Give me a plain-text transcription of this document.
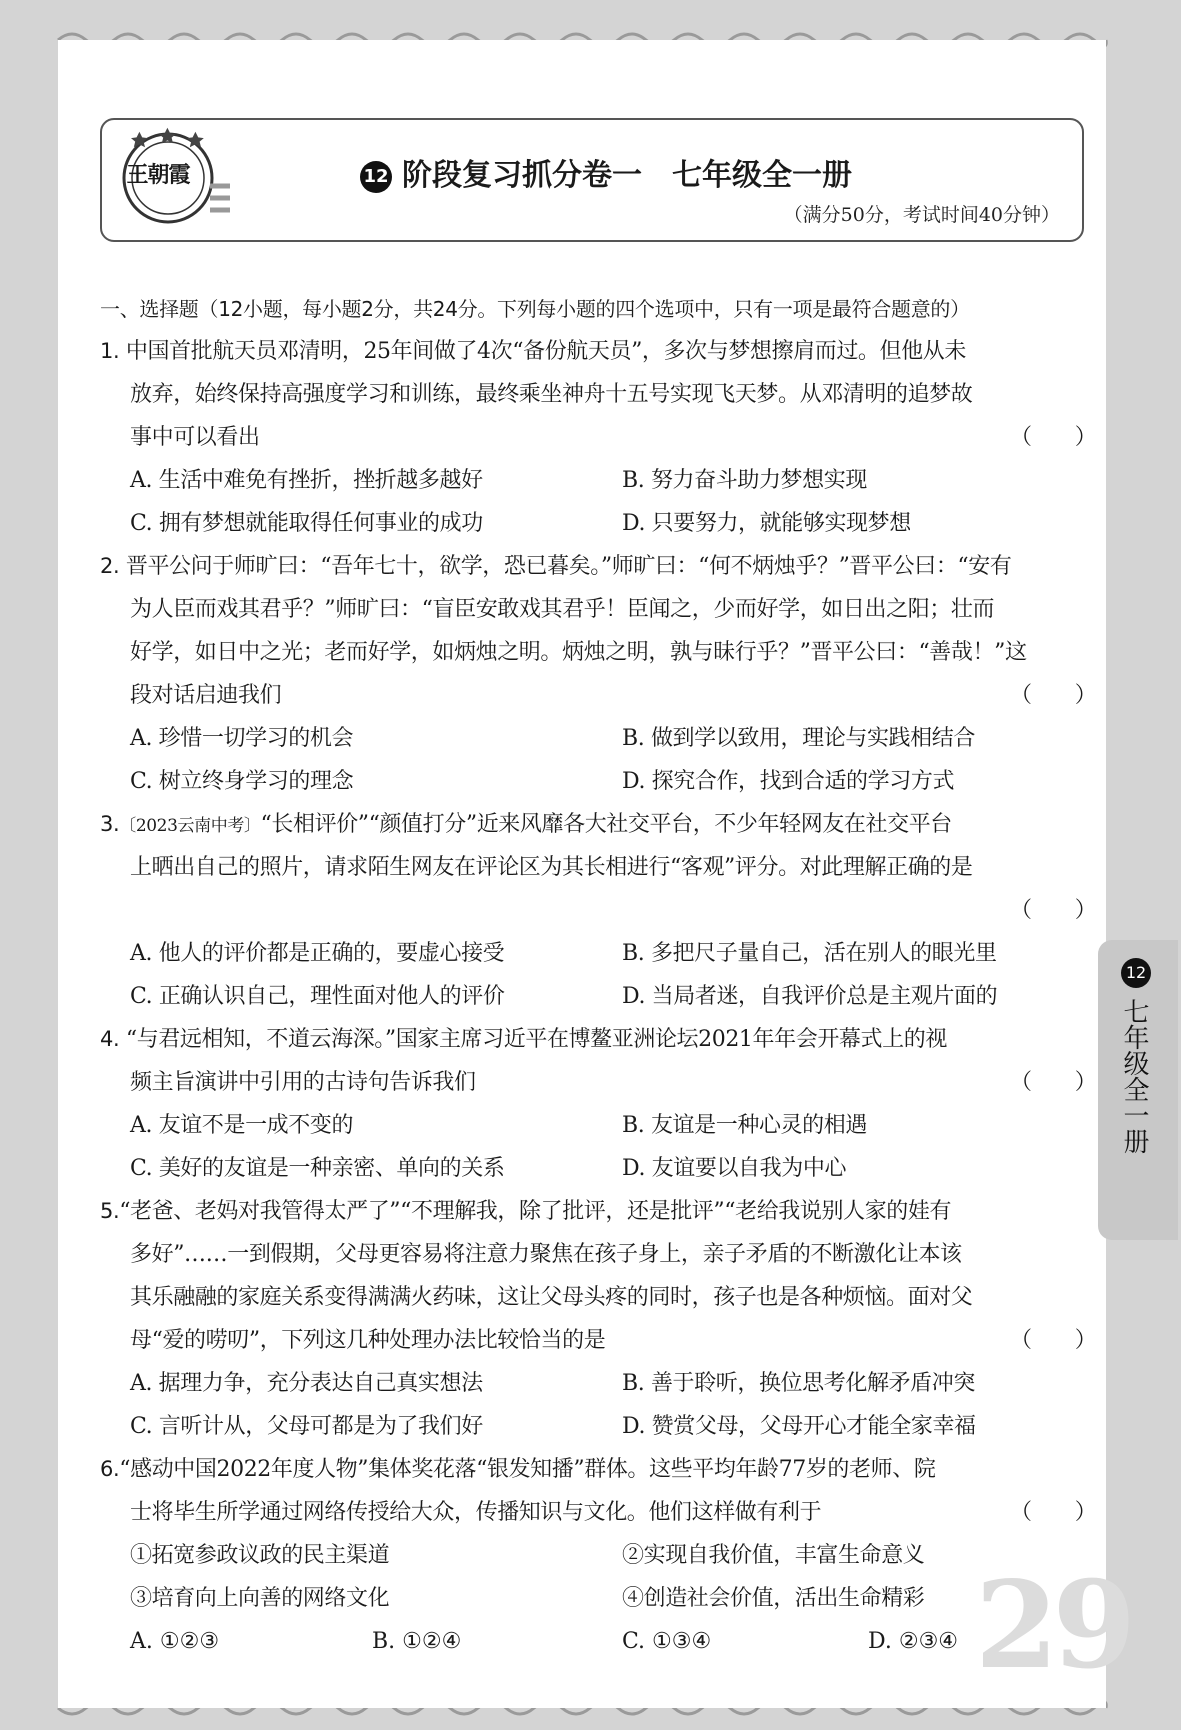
王朝霞	12 阶段复习抓分卷一　七年级全一册
（满分50分，考试时间40分钟）
一、选择题（12小题，每小题2分，共24分。下列每小题的四个选项中，只有一项是最符合题意的）
1. 中国首批航天员邓清明，25年间做了4次“备份航天员”，多次与梦想擦肩而过。但他从未
放弃，始终保持高强度学习和训练，最终乘坐神舟十五号实现飞天梦。从邓清明的追梦故
事中可以看出	（　　）
A. 生活中难免有挫折，挫折越多越好	B. 努力奋斗助力梦想实现
C. 拥有梦想就能取得任何事业的成功	D. 只要努力，就能够实现梦想
2. 晋平公问于师旷曰：“吾年七十，欲学，恐已暮矣。”师旷曰：“何不炳烛乎？”晋平公曰：“安有
为人臣而戏其君乎？”师旷曰：“盲臣安敢戏其君乎！臣闻之，少而好学，如日出之阳；壮而
好学，如日中之光；老而好学，如炳烛之明。炳烛之明，孰与昧行乎？”晋平公曰：“善哉！”这
段对话启迪我们	（　　）
A. 珍惜一切学习的机会	B. 做到学以致用，理论与实践相结合
C. 树立终身学习的理念	D. 探究合作，找到合适的学习方式
3.〔2023云南中考〕“长相评价”“颜值打分”近来风靡各大社交平台，不少年轻网友在社交平台
上晒出自己的照片，请求陌生网友在评论区为其长相进行“客观”评分。对此理解正确的是
（　　）
A. 他人的评价都是正确的，要虚心接受	B. 多把尺子量自己，活在别人的眼光里
C. 正确认识自己，理性面对他人的评价	D. 当局者迷，自我评价总是主观片面的
4. “与君远相知，不道云海深。”国家主席习近平在博鳌亚洲论坛2021年年会开幕式上的视
频主旨演讲中引用的古诗句告诉我们	（　　）
A. 友谊不是一成不变的	B. 友谊是一种心灵的相遇
C. 美好的友谊是一种亲密、单向的关系	D. 友谊要以自我为中心
5.“老爸、老妈对我管得太严了”“不理解我，除了批评，还是批评”“老给我说别人家的娃有
多好”……一到假期，父母更容易将注意力聚焦在孩子身上，亲子矛盾的不断激化让本该
其乐融融的家庭关系变得满满火药味，这让父母头疼的同时，孩子也是各种烦恼。面对父
母“爱的唠叨”，下列这几种处理办法比较恰当的是	（　　）
A. 据理力争，充分表达自己真实想法	B. 善于聆听，换位思考化解矛盾冲突
C. 言听计从，父母可都是为了我们好	D. 赞赏父母，父母开心才能全家幸福
6.“感动中国2022年度人物”集体奖花落“银发知播”群体。这些平均年龄77岁的老师、院
士将毕生所学通过网络传授给大众，传播知识与文化。他们这样做有利于	（　　）
①拓宽参政议政的民主渠道	②实现自我价值，丰富生命意义
③培育向上向善的网络文化	④创造社会价值，活出生命精彩
A. ①②③	B. ①②④	C. ①③④	D. ②③④
12
七年级全一册
29
